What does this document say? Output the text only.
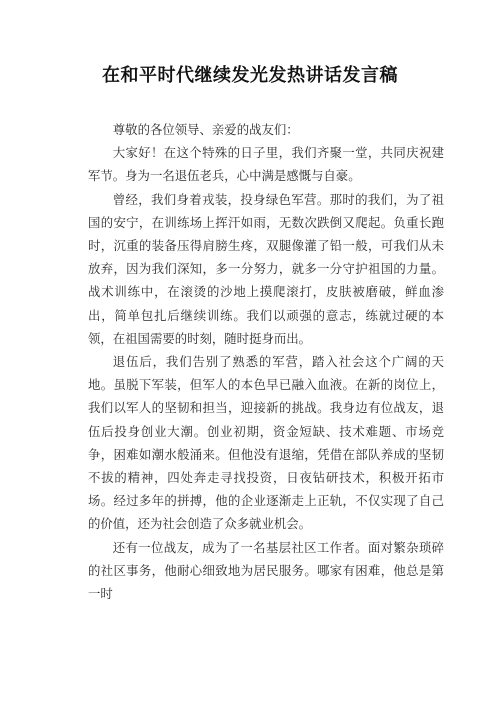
在和平时代继续发光发热讲话发言稿

尊敬的各位领导、亲爱的战友们：

大家好！在这个特殊的日子里，我们齐聚一堂，共同庆祝建军节。身为一名退伍老兵，心中满是感慨与自豪。

曾经，我们身着戎装，投身绿色军营。那时的我们，为了祖国的安宁，在训练场上挥汗如雨，无数次跌倒又爬起。负重长跑时，沉重的装备压得肩膀生疼，双腿像灌了铅一般，可我们从未放弃，因为我们深知，多一分努力，就多一分守护祖国的力量。战术训练中，在滚烫的沙地上摸爬滚打，皮肤被磨破，鲜血渗出，简单包扎后继续训练。我们以顽强的意志，练就过硬的本领，在祖国需要的时刻，随时挺身而出。

退伍后，我们告别了熟悉的军营，踏入社会这个广阔的天地。虽脱下军装，但军人的本色早已融入血液。在新的岗位上，我们以军人的坚韧和担当，迎接新的挑战。我身边有位战友，退伍后投身创业大潮。创业初期，资金短缺、技术难题、市场竞争，困难如潮水般涌来。但他没有退缩，凭借在部队养成的坚韧不拔的精神，四处奔走寻找投资，日夜钻研技术，积极开拓市场。经过多年的拼搏，他的企业逐渐走上正轨，不仅实现了自己的价值，还为社会创造了众多就业机会。

还有一位战友，成为了一名基层社区工作者。面对繁杂琐碎的社区事务，他耐心细致地为居民服务。哪家有困难，他总是第一时
